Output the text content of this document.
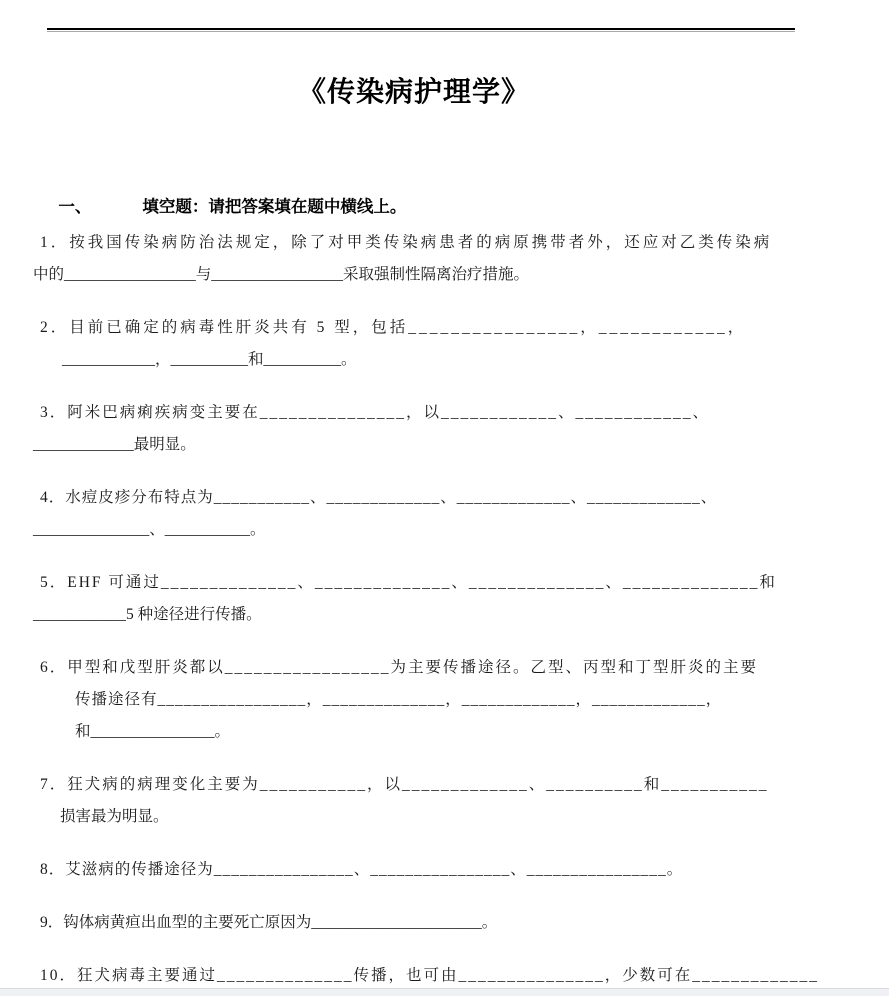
《传染病护理学》

一、	填空题：请把答案填在题中横线上。

1．按我国传染病防治法规定，除了对甲类传染病患者的病原携带者外，还应对乙类传染病
中的_________________与_________________采取强制性隔离治疗措施。
2．目前已确定的病毒性肝炎共有 5 型，包括________________，____________，
____________，__________和__________。
3．阿米巴病痢疾病变主要在_______________，以____________、____________、
_____________最明显。
4．水痘皮疹分布特点为___________、_____________、_____________、_____________、
_______________、___________。
5．EHF 可通过______________、______________、______________、______________和
____________5 种途径进行传播。
6．甲型和戊型肝炎都以_________________为主要传播途径。乙型、丙型和丁型肝炎的主要
传播途径有_________________，______________，_____________，_____________，
和________________。
7．狂犬病的病理变化主要为___________，以_____________、__________和___________
损害最为明显。
8．艾滋病的传播途径为________________、________________、________________。
9．钩体病黄疸出血型的主要死亡原因为______________________。
10．狂犬病毒主要通过______________传播，也可由_______________，少数可在_____________
